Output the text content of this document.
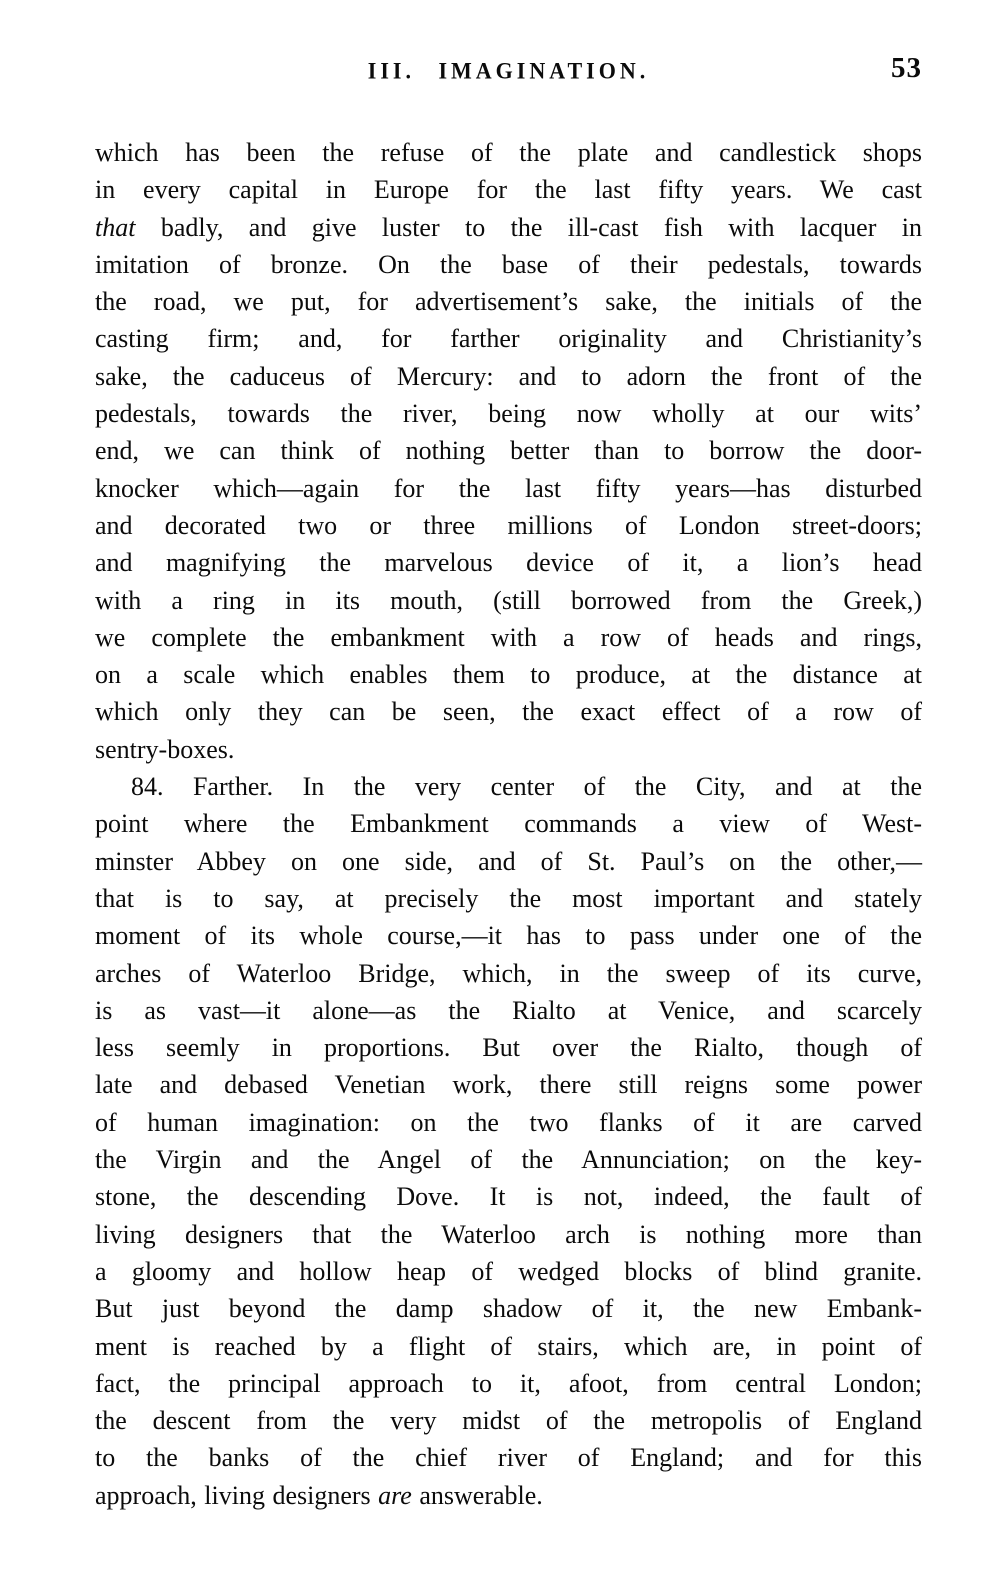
III. IMAGINATION.	53
which has been the refuse of the plate and candlestick shops
in every capital in Europe for the last fifty years. We cast
that badly, and give luster to the ill-cast fish with lacquer in
imitation of bronze. On the base of their pedestals, towards
the road, we put, for advertisement’s sake, the initials of the
casting firm; and, for farther originality and Christianity’s
sake, the caduceus of Mercury: and to adorn the front of the
pedestals, towards the river, being now wholly at our wits’
end, we can think of nothing better than to borrow the door-
knocker which—again for the last fifty years—has disturbed
and decorated two or three millions of London street-doors;
and magnifying the marvelous device of it, a lion’s head
with a ring in its mouth, (still borrowed from the Greek,)
we complete the embankment with a row of heads and rings,
on a scale which enables them to produce, at the distance at
which only they can be seen, the exact effect of a row of
sentry-boxes.
84. Farther. In the very center of the City, and at the
point where the Embankment commands a view of West-
minster Abbey on one side, and of St. Paul’s on the other,—
that is to say, at precisely the most important and stately
moment of its whole course,—it has to pass under one of the
arches of Waterloo Bridge, which, in the sweep of its curve,
is as vast—it alone—as the Rialto at Venice, and scarcely
less seemly in proportions. But over the Rialto, though of
late and debased Venetian work, there still reigns some power
of human imagination: on the two flanks of it are carved
the Virgin and the Angel of the Annunciation; on the key-
stone, the descending Dove. It is not, indeed, the fault of
living designers that the Waterloo arch is nothing more than
a gloomy and hollow heap of wedged blocks of blind granite.
But just beyond the damp shadow of it, the new Embank-
ment is reached by a flight of stairs, which are, in point of
fact, the principal approach to it, afoot, from central London;
the descent from the very midst of the metropolis of England
to the banks of the chief river of England; and for this
approach, living designers are answerable.
